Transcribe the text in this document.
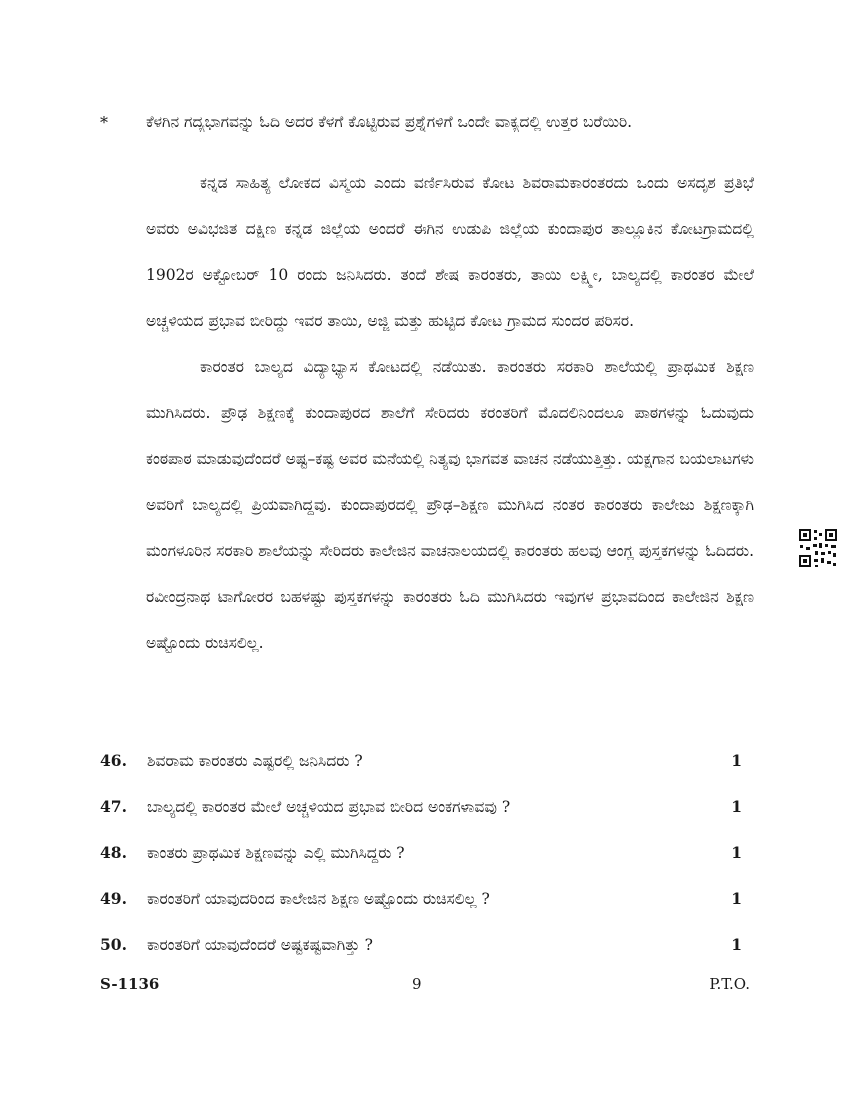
* ಕೆಳಗಿನ ಗದ್ಯಭಾಗವನ್ನು ಓದಿ ಅದರ ಕೆಳಗೆ ಕೊಟ್ಟಿರುವ ಪ್ರಶ್ನೆಗಳಿಗೆ ಒಂದೇ ವಾಕ್ಯದಲ್ಲಿ ಉತ್ತರ ಬರೆಯಿರಿ.

ಕನ್ನಡ ಸಾಹಿತ್ಯ ಲೋಕದ ವಿಸ್ಮಯ ಎಂದು ವರ್ಣಿಸಿರುವ ಕೋಟ ಶಿವರಾಮಕಾರಂತರದು ಒಂದು ಅಸದೃಶ ಪ್ರತಿಭೆ ಅವರು ಅವಿಭಜಿತ ದಕ್ಷಿಣ ಕನ್ನಡ ಜಿಲ್ಲೆಯ ಅಂದರೆ ಈಗಿನ ಉಡುಪಿ ಜಿಲ್ಲೆಯ ಕುಂದಾಪುರ ತಾಲ್ಲೂಕಿನ ಕೋಟಗ್ರಾಮದಲ್ಲಿ 1902ರ ಅಕ್ಟೋಬರ್ 10 ರಂದು ಜನಿಸಿದರು. ತಂದೆ ಶೇಷ ಕಾರಂತರು, ತಾಯಿ ಲಕ್ಷ್ಮೀ, ಬಾಲ್ಯದಲ್ಲಿ ಕಾರಂತರ ಮೇಲೆ ಅಚ್ಚಳಿಯದ ಪ್ರಭಾವ ಬೀರಿದ್ದು ಇವರ ತಾಯಿ, ಅಜ್ಜಿ ಮತ್ತು ಹುಟ್ಟಿದ ಕೋಟ ಗ್ರಾಮದ ಸುಂದರ ಪರಿಸರ.

ಕಾರಂತರ ಬಾಲ್ಯದ ವಿದ್ಯಾಭ್ಯಾಸ ಕೋಟದಲ್ಲಿ ನಡೆಯಿತು. ಕಾರಂತರು ಸರಕಾರಿ ಶಾಲೆಯಲ್ಲಿ ಪ್ರಾಥಮಿಕ ಶಿಕ್ಷಣ ಮುಗಿಸಿದರು. ಪ್ರೌಢ ಶಿಕ್ಷಣಕ್ಕೆ ಕುಂದಾಪುರದ ಶಾಲೆಗೆ ಸೇರಿದರು ಕರಂತರಿಗೆ ಮೊದಲಿನಿಂದಲೂ ಪಾಠಗಳನ್ನು ಓದುವುದು ಕಂಠಪಾಠ ಮಾಡುವುದೆಂದರೆ ಅಷ್ಟ–ಕಷ್ಟ ಅವರ ಮನೆಯಲ್ಲಿ ನಿತ್ಯವು ಭಾಗವತ ವಾಚನ ನಡೆಯುತ್ತಿತ್ತು. ಯಕ್ಷಗಾನ ಬಯಲಾಟಗಳು ಅವರಿಗೆ ಬಾಲ್ಯದಲ್ಲಿ ಪ್ರಿಯವಾಗಿದ್ದವು. ಕುಂದಾಪುರದಲ್ಲಿ ಪ್ರೌಢ–ಶಿಕ್ಷಣ ಮುಗಿಸಿದ ನಂತರ ಕಾರಂತರು ಕಾಲೇಜು ಶಿಕ್ಷಣಕ್ಕಾಗಿ ಮಂಗಳೂರಿನ ಸರಕಾರಿ ಶಾಲೆಯನ್ನು ಸೇರಿದರು ಕಾಲೇಜಿನ ವಾಚನಾಲಯದಲ್ಲಿ ಕಾರಂತರು ಹಲವು ಆಂಗ್ಲ ಪುಸ್ತಕಗಳನ್ನು ಓದಿದರು. ರವೀಂದ್ರನಾಥ ಟಾಗೋರರ ಬಹಳಷ್ಟು ಪುಸ್ತಕಗಳನ್ನು ಕಾರಂತರು ಓದಿ ಮುಗಿಸಿದರು ಇವುಗಳ ಪ್ರಭಾವದಿಂದ ಕಾಲೇಜಿನ ಶಿಕ್ಷಣ ಅಷ್ಟೊಂದು ರುಚಿಸಲಿಲ್ಲ.

46. ಶಿವರಾಮ ಕಾರಂತರು ಎಷ್ಟರಲ್ಲಿ ಜನಿಸಿದರು ?	1
47. ಬಾಲ್ಯದಲ್ಲಿ ಕಾರಂತರ ಮೇಲೆ ಅಚ್ಚಳಿಯದ ಪ್ರಭಾವ ಬೀರಿದ ಅಂಕಗಳಾವವು ?	1
48. ಕಾಂತರು ಪ್ರಾಥಮಿಕ ಶಿಕ್ಷಣವನ್ನು ಎಲ್ಲಿ ಮುಗಿಸಿದ್ದರು ?	1
49. ಕಾರಂತರಿಗೆ ಯಾವುದರಿಂದ ಕಾಲೇಜಿನ ಶಿಕ್ಷಣ ಅಷ್ಟೊಂದು ರುಚಿಸಲಿಲ್ಲ ?	1
50. ಕಾರಂತರಿಗೆ ಯಾವುದೆಂದರೆ ಅಷ್ಟಕಷ್ಟವಾಗಿತ್ತು ?	1
S-1136	9	P.T.O.
